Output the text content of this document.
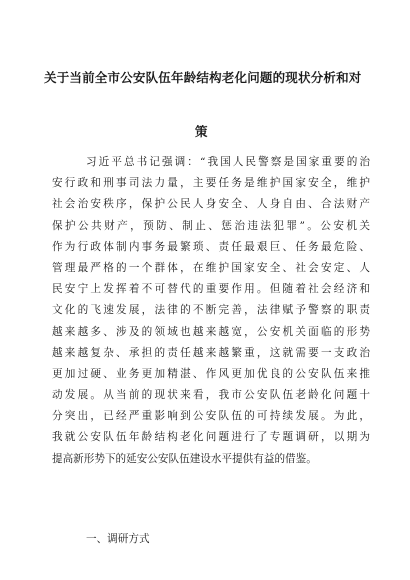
关于当前全市公安队伍年龄结构老化问题的现状分析和对
策
习近平总书记强调：“我国人民警察是国家重要的治
安行政和刑事司法力量，主要任务是维护国家安全，维护
社会治安秩序，保护公民人身安全、人身自由、合法财产
保护公共财产，预防、制止、惩治违法犯罪”。公安机关
作为行政体制内事务最繁琐、责任最艰巨、任务最危险、
管理最严格的一个群体，在维护国家安全、社会安定、人
民安宁上发挥着不可替代的重要作用。但随着社会经济和
文化的飞速发展，法律的不断完善，法律赋予警察的职责
越来越多、涉及的领域也越来越宽，公安机关面临的形势
越来越复杂、承担的责任越来越繁重，这就需要一支政治
更加过硬、业务更加精湛、作风更加优良的公安队伍来推
动发展。从当前的现状来看，我市公安队伍老龄化问题十
分突出，已经严重影响到公安队伍的可持续发展。为此，
我就公安队伍年龄结构老化问题进行了专题调研，以期为
提高新形势下的延安公安队伍建设水平提供有益的借鉴。
一、调研方式
